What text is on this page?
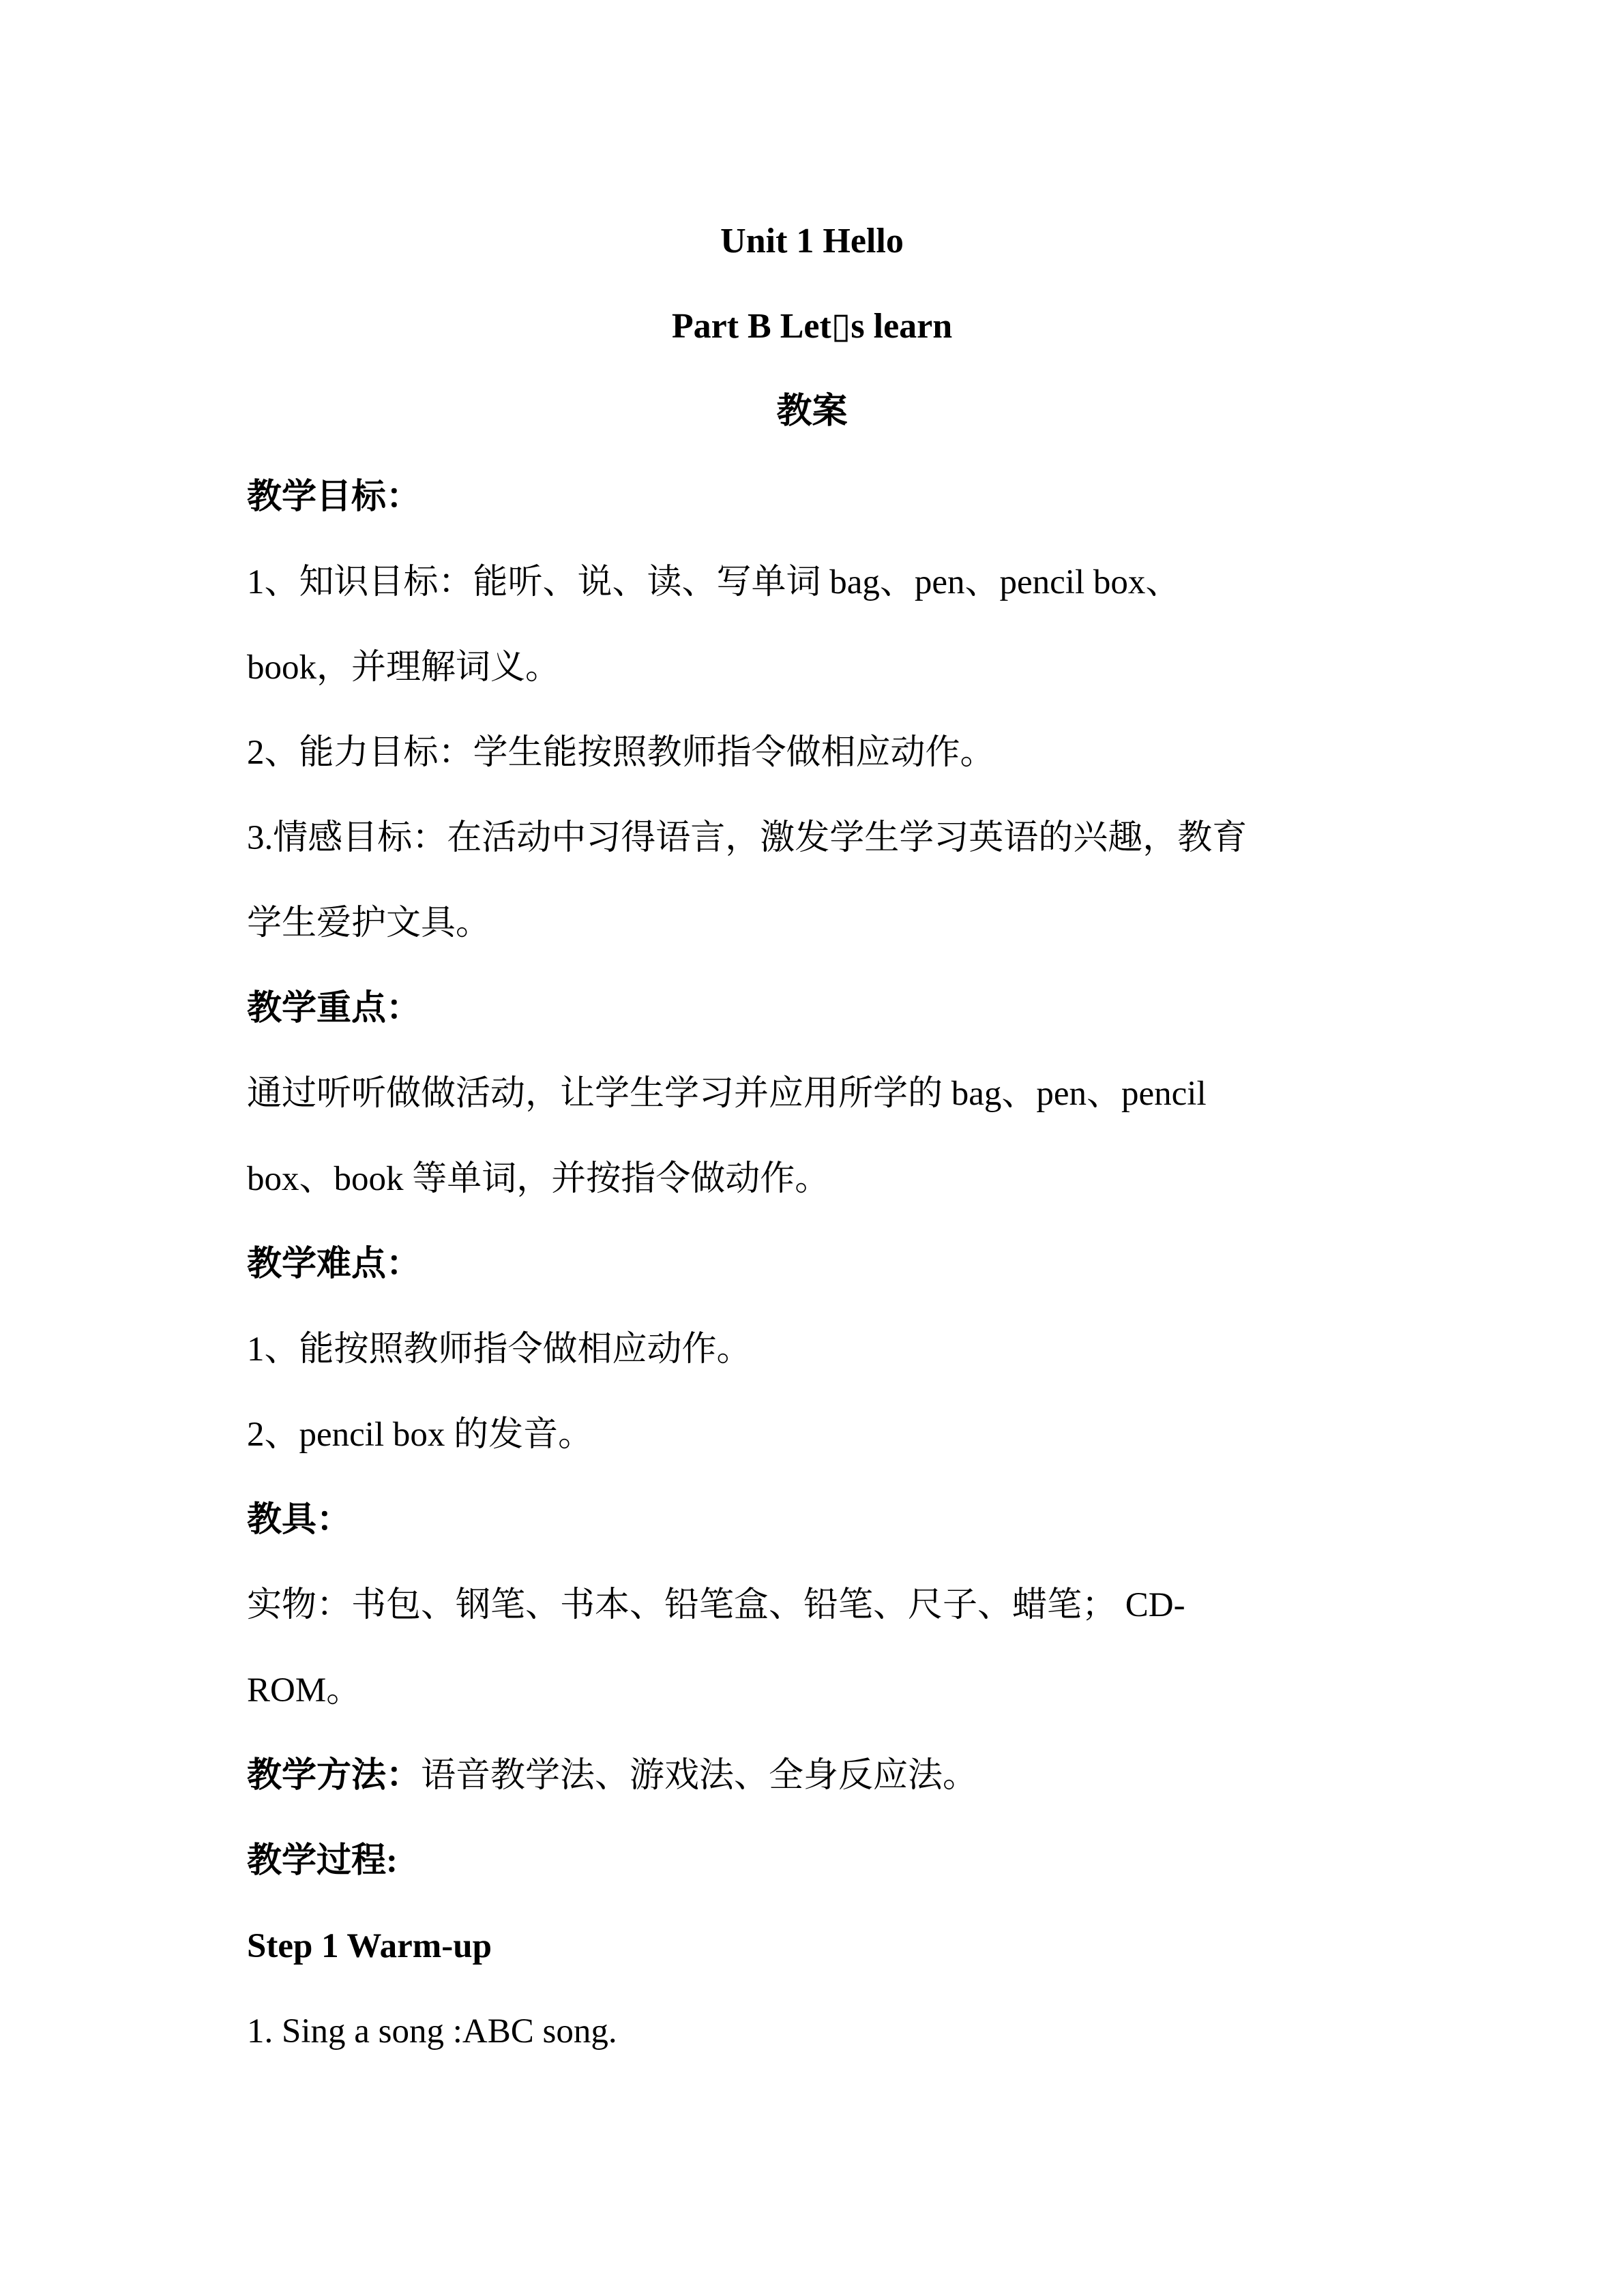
Unit 1 Hello
Part B Let▯s learn
教案
教学目标：
1、知识目标：能听、说、读、写单词 bag、pen、pencil box、
book，并理解词义。
2、能力目标：学生能按照教师指令做相应动作。
3.情感目标：在活动中习得语言，激发学生学习英语的兴趣，教育
学生爱护文具。
教学重点：
通过听听做做活动，让学生学习并应用所学的 bag、pen、pencil
box、book 等单词，并按指令做动作。
教学难点：
1、能按照教师指令做相应动作。
2、pencil box 的发音。
教具：
实物：书包、钢笔、书本、铅笔盒、铅笔、尺子、蜡笔； CD-
ROM。
教学方法：语音教学法、游戏法、全身反应法。
教学过程:
Step 1 Warm-up
1. Sing a song :ABC song.
